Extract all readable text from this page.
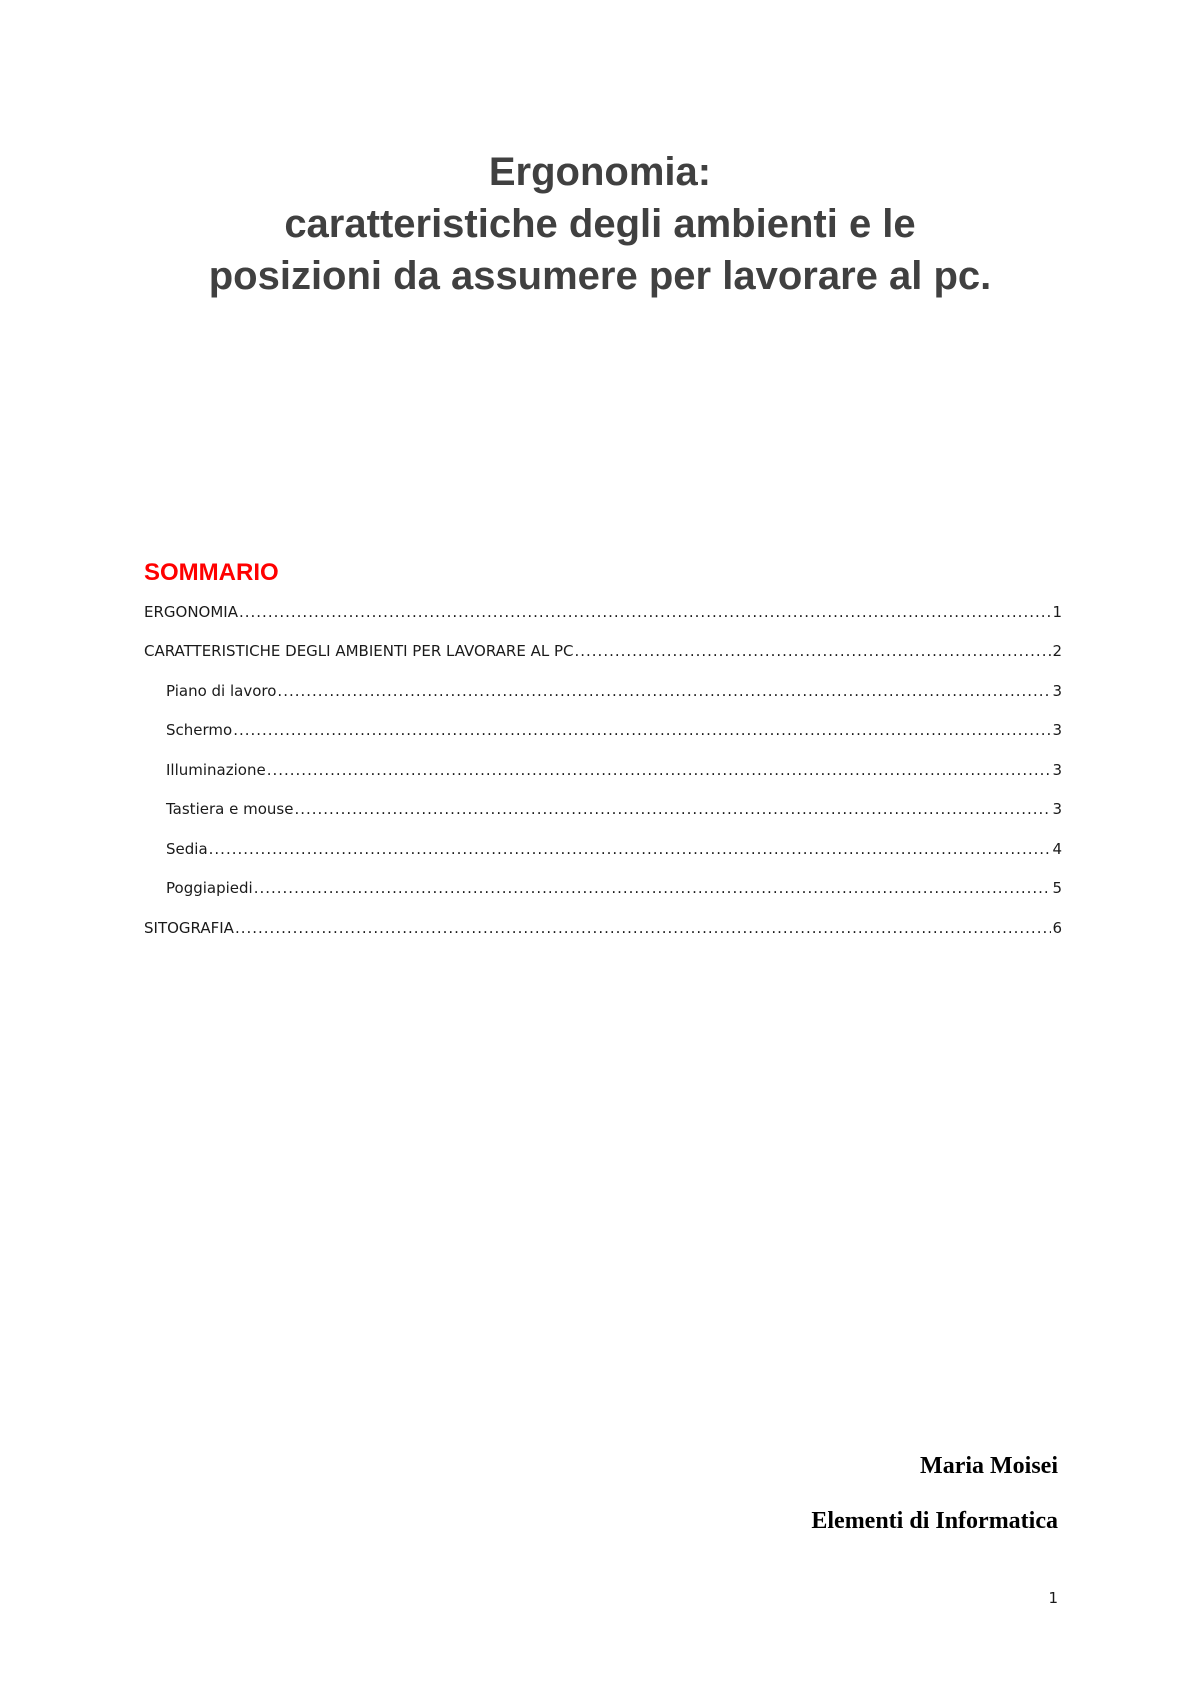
Ergonomia:
caratteristiche degli ambienti e le
posizioni da assumere per lavorare al pc.
SOMMARIO
ERGONOMIA .....	1
CARATTERISTICHE DEGLI AMBIENTI PER LAVORARE AL PC .....	2
Piano di lavoro .....	3
Schermo .....	3
Illuminazione .....	3
Tastiera e mouse .....	3
Sedia .....	4
Poggiapiedi .....	5
SITOGRAFIA .....	6
Maria Moisei
Elementi di Informatica
1
